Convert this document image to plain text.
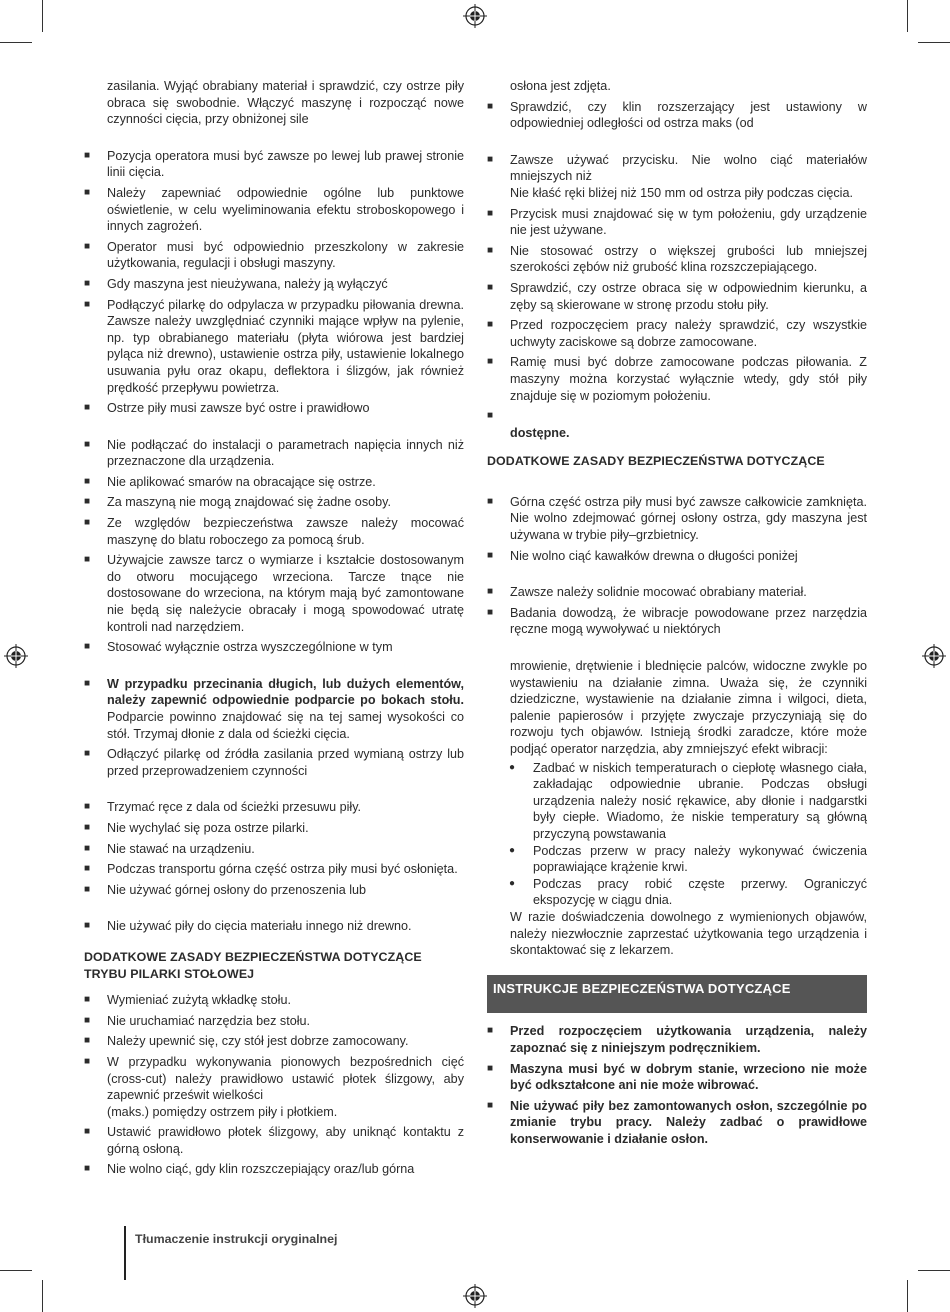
zasilania. Wyjąć obrabiany materiał i sprawdzić, czy ostrze piły obraca się swobodnie. Włączyć maszynę i rozpocząć nowe czynności cięcia, przy obniżonej sile

■	Pozycja operatora musi być zawsze po lewej lub prawej stronie linii cięcia.

■	Należy zapewniać odpowiednie ogólne lub punktowe oświetlenie, w celu wyeliminowania efektu stroboskopowego i innych zagrożeń.

■	Operator musi być odpowiednio przeszkolony w zakresie użytkowania, regulacji i obsługi maszyny.

■	Gdy maszyna jest nieużywana, należy ją wyłączyć

■	Podłączyć pilarkę do odpylacza w przypadku piłowania drewna. Zawsze należy uwzględniać czynniki mające wpływ na pylenie, np. typ obrabianego materiału (płyta wiórowa jest bardziej pyląca niż drewno), ustawienie ostrza piły, ustawienie lokalnego usuwania pyłu oraz okapu, deflektora i ślizgów, jak również prędkość przepływu powietrza.

■	Ostrze piły musi zawsze być ostre i prawidłowo

■	Nie podłączać do instalacji o parametrach napięcia innych niż przeznaczone dla urządzenia.

■	Nie aplikować smarów na obracające się ostrze.

■	Za maszyną nie mogą znajdować się żadne osoby.

■	Ze względów bezpieczeństwa zawsze należy mocować maszynę do blatu roboczego za pomocą śrub.

■	Używajcie zawsze tarcz o wymiarze i kształcie dostosowanym do otworu mocującego wrzeciona. Tarcze tnące nie dostosowane do wrzeciona, na którym mają być zamontowane nie będą się należycie obracały i mogą spowodować utratę kontroli nad narzędziem.

■	Stosować wyłącznie ostrza wyszczególnione w tym

■	W przypadku przecinania długich, lub dużych elementów, należy zapewnić odpowiednie podparcie po bokach stołu. Podparcie powinno znajdować się na tej samej wysokości co stół. Trzymaj dłonie z dala od ścieżki cięcia.

■	Odłączyć pilarkę od źródła zasilania przed wymianą ostrzy lub przed przeprowadzeniem czynności

■	Trzymać ręce z dala od ścieżki przesuwu piły.

■	Nie wychylać się poza ostrze pilarki.

■	Nie stawać na urządzeniu.

■	Podczas transportu górna część ostrza piły musi być osłonięta.

■	Nie używać górnej osłony do przenoszenia lub

■	Nie używać piły do cięcia materiału innego niż drewno.

DODATKOWE ZASADY BEZPIECZEŃSTWA DOTYCZĄCE TRYBU PILARKI STOŁOWEJ

■	Wymieniać zużytą wkładkę stołu.

■	Nie uruchamiać narzędzia bez stołu.

■	Należy upewnić się, czy stół jest dobrze zamocowany.

■	W przypadku wykonywania pionowych bezpośrednich cięć (cross-cut) należy prawidłowo ustawić płotek ślizgowy, aby zapewnić prześwit wielkości
(maks.) pomiędzy ostrzem piły i płotkiem.

■	Ustawić prawidłowo płotek ślizgowy, aby uniknąć kontaktu z górną osłoną.

■	Nie wolno ciąć, gdy klin rozszczepiający oraz/lub górna

osłona jest zdjęta.

■	Sprawdzić, czy klin rozszerzający jest ustawiony w odpowiedniej odległości od ostrza maks (od

■	Zawsze używać przycisku. Nie wolno ciąć materiałów mniejszych niż
Nie kłaść ręki bliżej niż 150 mm od ostrza piły podczas cięcia.

■	Przycisk musi znajdować się w tym położeniu, gdy urządzenie nie jest używane.

■	Nie stosować ostrzy o większej grubości lub mniejszej szerokości zębów niż grubość klina rozszczepiającego.

■	Sprawdzić, czy ostrze obraca się w odpowiednim kierunku, a zęby są skierowane w stronę przodu stołu piły.

■	Przed rozpoczęciem pracy należy sprawdzić, czy wszystkie uchwyty zaciskowe są dobrze zamocowane.

■	Ramię musi być dobrze zamocowane podczas piłowania. Z maszyny można korzystać wyłącznie wtedy, gdy stół piły znajduje się w poziomym położeniu.

■

dostępne.

DODATKOWE ZASADY BEZPIECZEŃSTWA DOTYCZĄCE

■	Górna część ostrza piły musi być zawsze całkowicie zamknięta. Nie wolno zdejmować górnej osłony ostrza, gdy maszyna jest używana w trybie piły–grzbietnicy.

■	Nie wolno ciąć kawałków drewna o długości poniżej

■	Zawsze należy solidnie mocować obrabiany materiał.

■	Badania dowodzą, że wibracje powodowane przez narzędzia ręczne mogą wywoływać u niektórych

mrowienie, drętwienie i blednięcie palców, widoczne zwykle po wystawieniu na działanie zimna. Uważa się, że czynniki dziedziczne, wystawienie na działanie zimna i wilgoci, dieta, palenie papierosów i przyjęte zwyczaje przyczyniają się do rozwoju tych objawów. Istnieją środki zaradcze, które może podjąć operator narzędzia, aby zmniejszyć efekt wibracji:

● Zadbać w niskich temperaturach o ciepłotę własnego ciała, zakładając odpowiednie ubranie. Podczas obsługi urządzenia należy nosić rękawice, aby dłonie i nadgarstki były ciepłe. Wiadomo, że niskie temperatury są główną przyczyną powstawania

● Podczas przerw w pracy należy wykonywać ćwiczenia poprawiające krążenie krwi.

● Podczas pracy robić częste przerwy. Ograniczyć ekspozycję w ciągu dnia.

W razie doświadczenia dowolnego z wymienionych objawów, należy niezwłocznie zaprzestać użytkowania tego urządzenia i skontaktować się z lekarzem.

INSTRUKCJE BEZPIECZEŃSTWA DOTYCZĄCE

■	Przed rozpoczęciem użytkowania urządzenia, należy zapoznać się z niniejszym podręcznikiem.

■	Maszyna musi być w dobrym stanie, wrzeciono nie może być odkształcone ani nie może wibrować.

■	Nie używać piły bez zamontowanych osłon, szczególnie po zmianie trybu pracy. Należy zadbać o prawidłowe konserwowanie i działanie osłon.

Tłumaczenie instrukcji oryginalnej
